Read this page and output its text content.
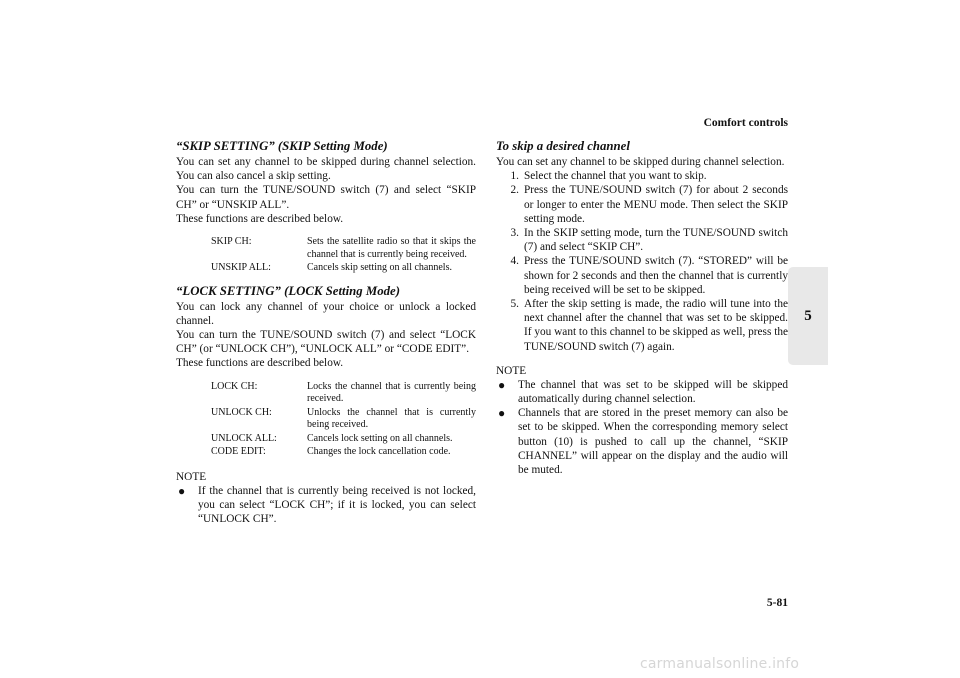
Comfort controls
5
“SKIP SETTING” (SKIP Setting Mode)

You can set any channel to be skipped during channel selection. You can also cancel a skip setting.

You can turn the TUNE/SOUND switch (7) and select “SKIP CH” or “UNSKIP ALL”.

These functions are described below.

SKIP CH:	Sets the satellite radio so that it skips the channel that is currently being received.
UNSKIP ALL:	Cancels skip setting on all channels.
“LOCK SETTING” (LOCK Setting Mode)

You can lock any channel of your choice or unlock a locked channel.

You can turn the TUNE/SOUND switch (7) and select “LOCK CH” (or “UNLOCK CH”), “UNLOCK ALL” or “CODE EDIT”.

These functions are described below.

LOCK CH:	Locks the channel that is currently being received.
UNLOCK CH:	Unlocks the channel that is currently being received.
UNLOCK ALL:	Cancels lock setting on all channels.
CODE EDIT:	Changes the lock cancellation code.
NOTE
●	If the channel that is currently being received is not locked, you can select “LOCK CH”; if it is locked, you can select “UNLOCK CH”.
To skip a desired channel

You can set any channel to be skipped during channel selection.

1. Select the channel that you want to skip.
2. Press the TUNE/SOUND switch (7) for about 2 seconds or longer to enter the MENU mode. Then select the SKIP setting mode.
3. In the SKIP setting mode, turn the TUNE/SOUND switch (7) and select “SKIP CH”.
4. Press the TUNE/SOUND switch (7). “STORED” will be shown for 2 seconds and then the channel that is currently being received will be set to be skipped.
5. After the skip setting is made, the radio will tune into the next channel after the channel that was set to be skipped. If you want to this channel to be skipped as well, press the TUNE/SOUND switch (7) again.
NOTE
●	The channel that was set to be skipped will be skipped automatically during channel selection.
●	Channels that are stored in the preset memory can also be set to be skipped. When the corresponding memory select button (10) is pushed to call up the channel, “SKIP CHANNEL” will appear on the display and the audio will be muted.
5-81
carmanualsonline.info
